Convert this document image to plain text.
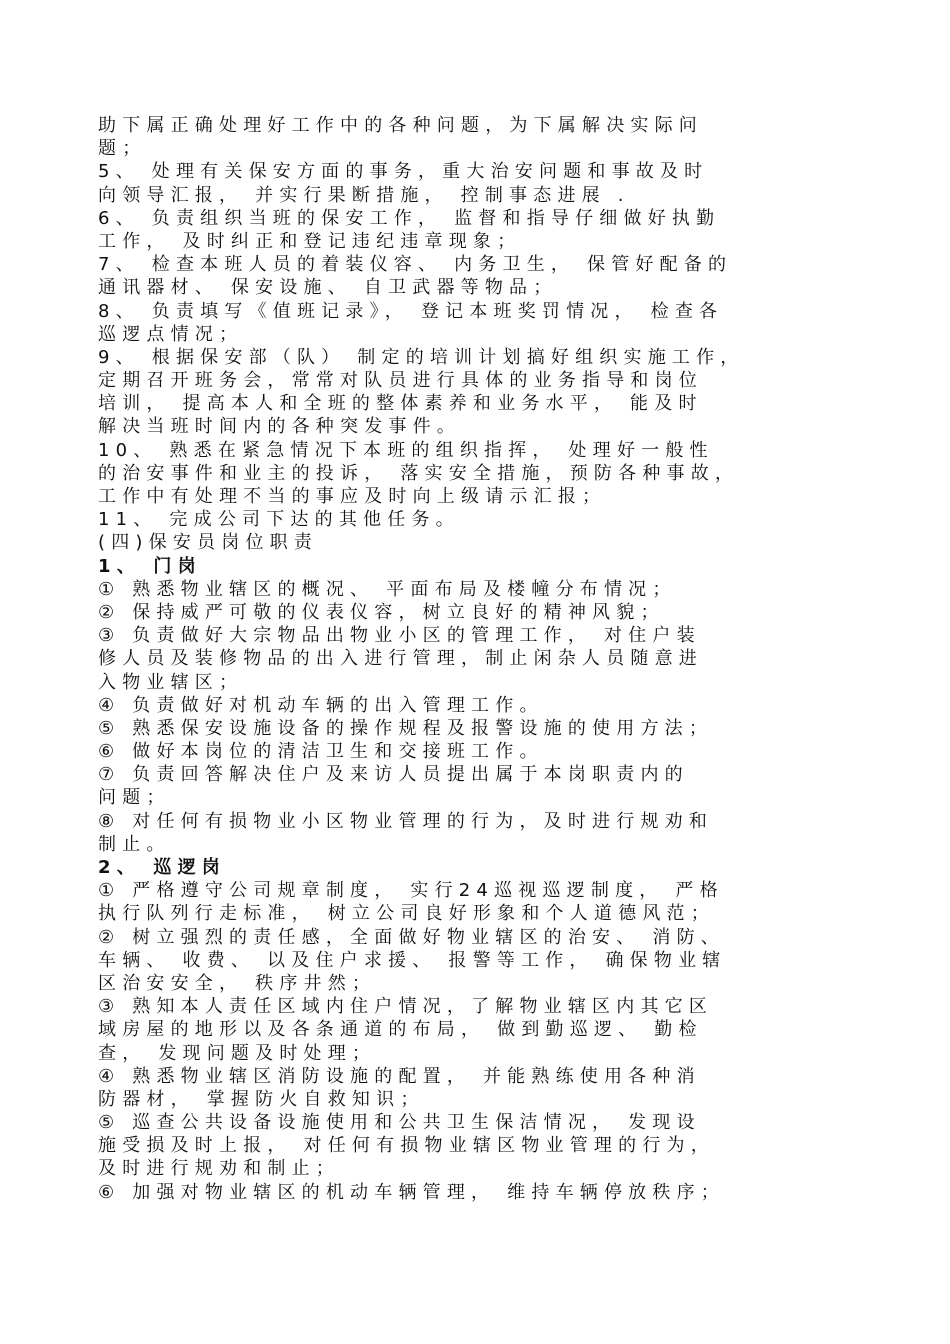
助下属正确处理好工作中的各种问题，为下属解决实际问
题；
5、 处理有关保安方面的事务，重大治安问题和事故及时
向领导汇报， 并实行果断措施， 控制事态进展 .
6、 负责组织当班的保安工作， 监督和指导仔细做好执勤
工作， 及时纠正和登记违纪违章现象；
7、 检查本班人员的着装仪容、 内务卫生， 保管好配备的
通讯器材、 保安设施、 自卫武器等物品；
8、 负责填写《值班记录》， 登记本班奖罚情况， 检查各
巡逻点情况；
9、 根据保安部（队） 制定的培训计划搞好组织实施工作，
定期召开班务会，常常对队员进行具体的业务指导和岗位
培训， 提高本人和全班的整体素养和业务水平， 能及时
解决当班时间内的各种突发事件。
10、 熟悉在紧急情况下本班的组织指挥， 处理好一般性
的治安事件和业主的投诉， 落实安全措施，预防各种事故，
工作中有处理不当的事应及时向上级请示汇报；
11、 完成公司下达的其他任务。
(四)保安员岗位职责
1、 门岗
① 熟悉物业辖区的概况、 平面布局及楼幢分布情况；
② 保持威严可敬的仪表仪容，树立良好的精神风貌；
③ 负责做好大宗物品出物业小区的管理工作， 对住户装
修人员及装修物品的出入进行管理，制止闲杂人员随意进
入物业辖区；
④ 负责做好对机动车辆的出入管理工作。
⑤ 熟悉保安设施设备的操作规程及报警设施的使用方法；
⑥ 做好本岗位的清洁卫生和交接班工作。
⑦ 负责回答解决住户及来访人员提出属于本岗职责内的
问题；
⑧ 对任何有损物业小区物业管理的行为，及时进行规劝和
制止。
2、 巡逻岗
① 严格遵守公司规章制度， 实行24巡视巡逻制度， 严格
执行队列行走标准， 树立公司良好形象和个人道德风范；
② 树立强烈的责任感，全面做好物业辖区的治安、 消防、
车辆、 收费、 以及住户求援、 报警等工作， 确保物业辖
区治安安全， 秩序井然；
③ 熟知本人责任区域内住户情况，了解物业辖区内其它区
域房屋的地形以及各条通道的布局， 做到勤巡逻、 勤检
查， 发现问题及时处理；
④ 熟悉物业辖区消防设施的配置， 并能熟练使用各种消
防器材， 掌握防火自救知识；
⑤ 巡查公共设备设施使用和公共卫生保洁情况， 发现设
施受损及时上报， 对任何有损物业辖区物业管理的行为，
及时进行规劝和制止；
⑥ 加强对物业辖区的机动车辆管理， 维持车辆停放秩序；
